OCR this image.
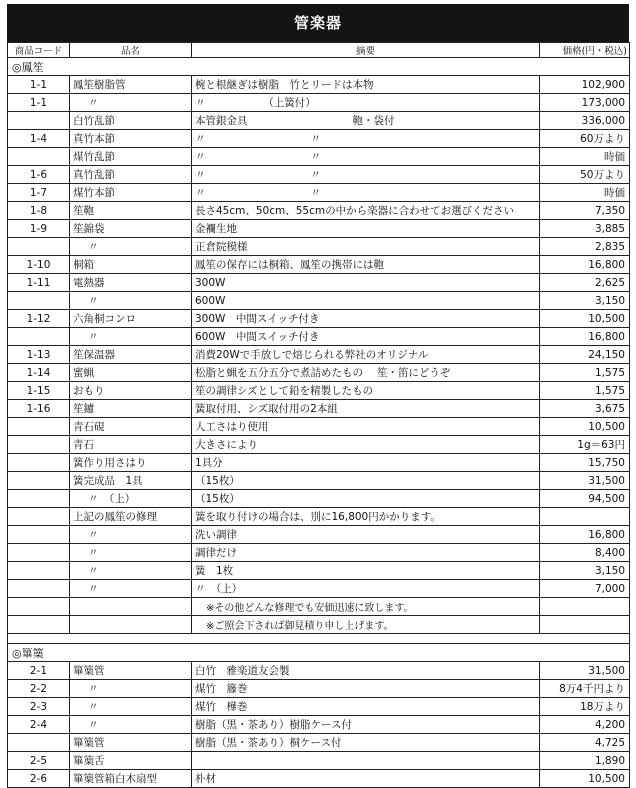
管楽器
商品コード	品名	摘要	価格(円・税込)
◎鳳笙			
1-1	鳳笙樹脂管	椀と根継ぎは樹脂　竹とリードは本物	102,900
1-1	〃	〃　　　　　　（上簧付）	173,000
	白竹乱節	本管銀金具　　　　　　　　　　鞄・袋付	336,000
1-4	真竹本節	〃　　　　　　　　　　〃	60万より
	煤竹乱節	〃　　　　　　　　　　〃	時価
1-6	真竹乱節	〃　　　　　　　　　　〃	50万より
1-7	煤竹本節	〃　　　　　　　　　　〃	時価
1-8	笙鞄	長さ45cm、50cm、55cmの中から楽器に合わせてお選びください	7,350
1-9	笙錦袋	金襴生地	3,885
	〃	正倉院模様	2,835
1-10	桐箱	鳳笙の保存には桐箱、鳳笙の携帯には鞄	16,800
1-11	電熱器	300W	2,625
	〃	600W	3,150
1-12	六角桐コンロ	300W　中間スイッチ付き	10,500
	〃	600W　中間スイッチ付き	16,800
1-13	笙保温器	消費20Wで手放しで焙じられる弊社のオリジナル	24,150
1-14	蜜蝋	松脂と蝋を五分五分で煮詰めたもの　 笙・笛にどうぞ	1,575
1-15	おもり	笙の調律シズとして鉛を精製したもの	1,575
1-16	笙鑢	簧取付用、シズ取付用の2本組	3,675
	青石硯	人工さはり使用	10,500
	青石	大きさにより	1g＝63円
	簧作り用さはり	1具分	15,750
	簧完成品　1具	（15枚）	31,500
	〃　（上）	（15枚）	94,500
	上記の鳳笙の修理	簧を取り付けの場合は、別に16,800円かかります。	
	〃	洗い調律	16,800
	〃	調律だけ	8,400
	〃	簧　1枚	3,150
	〃	〃　（上）	7,000
		※その他どんな修理でも安価迅速に致します。	
		※ご照会下されば御見積り申し上げます。	

◎篳篥			
2-1	篳篥管	白竹　雅楽道友会製	31,500
2-2	〃	煤竹　籐巻	8万4千円より
2-3	〃	煤竹　樺巻	18万より
2-4	〃	樹脂（黒・茶あり）樹脂ケース付	4,200
	篳篥管	樹脂（黒・茶あり）桐ケース付	4,725
2-5	篳篥舌		1,890
2-6	篳篥管箱白木扇型	朴材	10,500
